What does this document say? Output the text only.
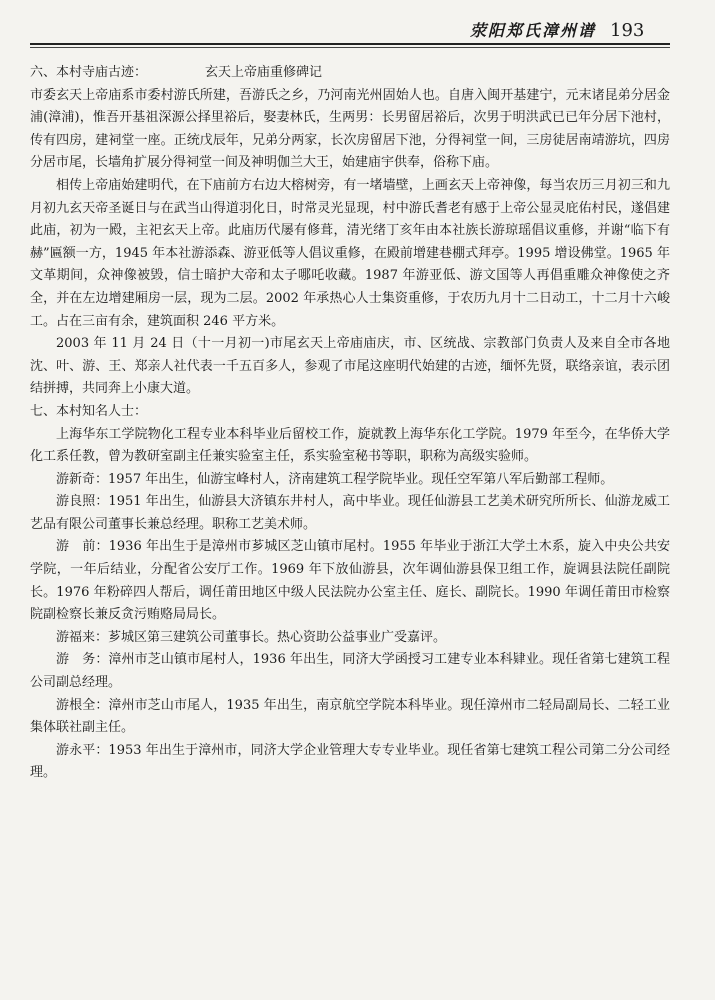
荥阳郑氏漳州谱 193
六、本村寺庙古迹：	玄天上帝庙重修碑记

市委玄天上帝庙系市委村游氏所建，吾游氏之乡，乃河南光州固始人也。自唐入闽开基建宁，元末诸昆弟分居金浦(漳浦)，惟吾开基祖深源公择里裕后，娶妻林氏，生两男：长男留居裕后，次男于明洪武已已年分居下池村，传有四房，建祠堂一座。正统戊辰年，兄弟分两家，长次房留居下池，分得祠堂一间，三房徒居南靖游坑，四房分居市尾，长墙角扩展分得祠堂一间及神明伽兰大王，始建庙宇供奉，俗称下庙。

相传上帝庙始建明代，在下庙前方右边大榕树旁，有一堵墙壁，上画玄天上帝神像，每当农历三月初三和九月初九玄天帝圣诞日与在武当山得道羽化日，时常灵光显现，村中游氏耆老有感于上帝公显灵庇佑村民，遂倡建此庙，初为一殿，主祀玄天上帝。此庙历代屡有修葺，清光绪丁亥年由本社族长游琼瑶倡议重修，并谢“临下有赫”匾额一方，1945 年本社游添森、游亚低等人倡议重修，在殿前增建巷棚式拜亭。1995 增设佛堂。1965 年文革期间，众神像被毁，信士暗护大帝和太子哪吒收藏。1987 年游亚低、游文国等人再倡重雕众神像使之齐全，并在左边增建厢房一层，现为二层。2002 年承热心人士集资重修，于农历九月十二日动工，十二月十六峻工。占在三亩有余，建筑面积 246 平方米。

2003 年 11 月 24 日（十一月初一)市尾玄天上帝庙庙庆，市、区统战、宗教部门负责人及来自全市各地沈、叶、游、王、郑亲人社代表一千五百多人，参观了市尾这座明代始建的古迹，缅怀先贤，联络亲谊，表示团结拼搏，共同奔上小康大道。

七、本村知名人士：

上海华东工学院物化工程专业本科毕业后留校工作，旋就教上海华东化工学院。1979 年至今，在华侨大学化工系任教，曾为教研室副主任兼实验室主任，系实验室秘书等职，职称为高级实验师。

游新奇：1957 年出生，仙游宝峰村人，济南建筑工程学院毕业。现任空军第八军后勤部工程师。

游良照：1951 年出生，仙游县大济镇东井村人，高中毕业。现任仙游县工艺美术研究所所长、仙游龙威工艺品有限公司董事长兼总经理。职称工艺美术师。

游　前：1936 年出生于是漳州市芗城区芝山镇市尾村。1955 年毕业于浙江大学土木系，旋入中央公共安学院，一年后结业，分配省公安厅工作。1969 年下放仙游县，次年调仙游县保卫组工作，旋调县法院任副院长。1976 年粉碎四人帮后，调任莆田地区中级人民法院办公室主任、庭长、副院长。1990 年调任莆田市检察院副检察长兼反贪污贿赂局局长。

游福来：芗城区第三建筑公司董事长。热心资助公益事业广受嘉评。

游　务：漳州市芝山镇市尾村人，1936 年出生，同济大学函授习工建专业本科肄业。现任省第七建筑工程公司副总经理。

游根全：漳州市芝山市尾人，1935 年出生，南京航空学院本科毕业。现任漳州市二轻局副局长、二轻工业集体联社副主任。

游永平：1953 年出生于漳州市，同济大学企业管理大专专业毕业。现任省第七建筑工程公司第二分公司经理。
